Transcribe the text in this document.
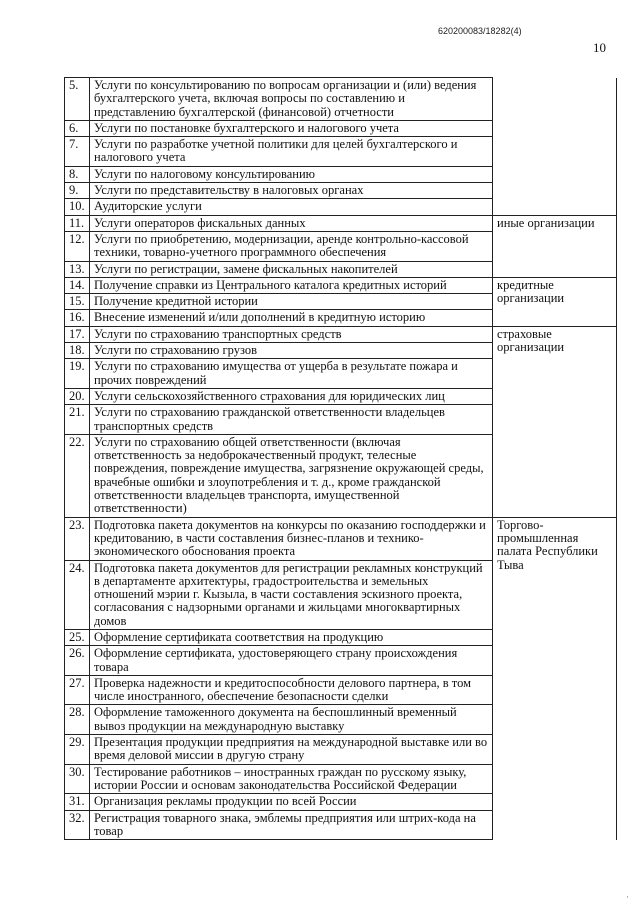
620200083/18282(4)
10
5.	Услуги по консультированию по вопросам организации и (или) ведения бухгалтерского учета, включая вопросы по составлению и представлению бухгалтерской (финансовой) отчетности	
6.	Услуги по постановке бухгалтерского и налогового учета	
7.	Услуги по разработке учетной политики для целей бухгалтерского и налогового учета	
8.	Услуги по налоговому консультированию	
9.	Услуги по представительству в налоговых органах	
10.	Аудиторские услуги	
11.	Услуги операторов фискальных данных	иные организации
12.	Услуги по приобретению, модернизации, аренде контрольно-кассовой техники, товарно-учетного программного обеспечения	
13.	Услуги по регистрации, замене фискальных накопителей	
14.	Получение справки из Центрального каталога кредитных историй	кредитные организации
15.	Получение кредитной истории	
16.	Внесение изменений и/или дополнений в кредитную историю	
17.	Услуги по страхованию транспортных средств	страховые организации
18.	Услуги по страхованию грузов	
19.	Услуги по страхованию имущества от ущерба в результате пожара и прочих повреждений	
20.	Услуги сельскохозяйственного страхования для юридических лиц	
21.	Услуги по страхованию гражданской ответственности владельцев транспортных средств	
22.	Услуги по страхованию общей ответственности (включая ответственность за недоброкачественный продукт, телесные повреждения, повреждение имущества, загрязнение окружающей среды, врачебные ошибки и злоупотребления и т. д., кроме гражданской ответственности владельцев транспорта, имущественной ответственности)	
23.	Подготовка пакета документов на конкурсы по оказанию господдержки и кредитованию, в части составления бизнес-планов и технико-экономического обоснования проекта	Торгово-промышленная палата Республики Тыва
24.	Подготовка пакета документов для регистрации рекламных конструкций в департаменте архитектуры, градостроительства и земельных отношений мэрии г. Кызыла, в части составления эскизного проекта, согласования с надзорными органами и жильцами многоквартирных домов	
25.	Оформление сертификата соответствия на продукцию	
26.	Оформление сертификата, удостоверяющего страну происхождения товара	
27.	Проверка надежности и кредитоспособности делового партнера, в том числе иностранного, обеспечение безопасности сделки	
28.	Оформление таможенного документа на беспошлинный временный вывоз продукции на международную выставку	
29.	Презентация продукции предприятия на международной выставке или во время деловой миссии в другую страну	
30.	Тестирование работников – иностранных граждан по русскому языку, истории России и основам законодательства Российской Федерации	
31.	Организация рекламы продукции по всей России	
32.	Регистрация товарного знака, эмблемы предприятия или штрих-кода на товар	
·
